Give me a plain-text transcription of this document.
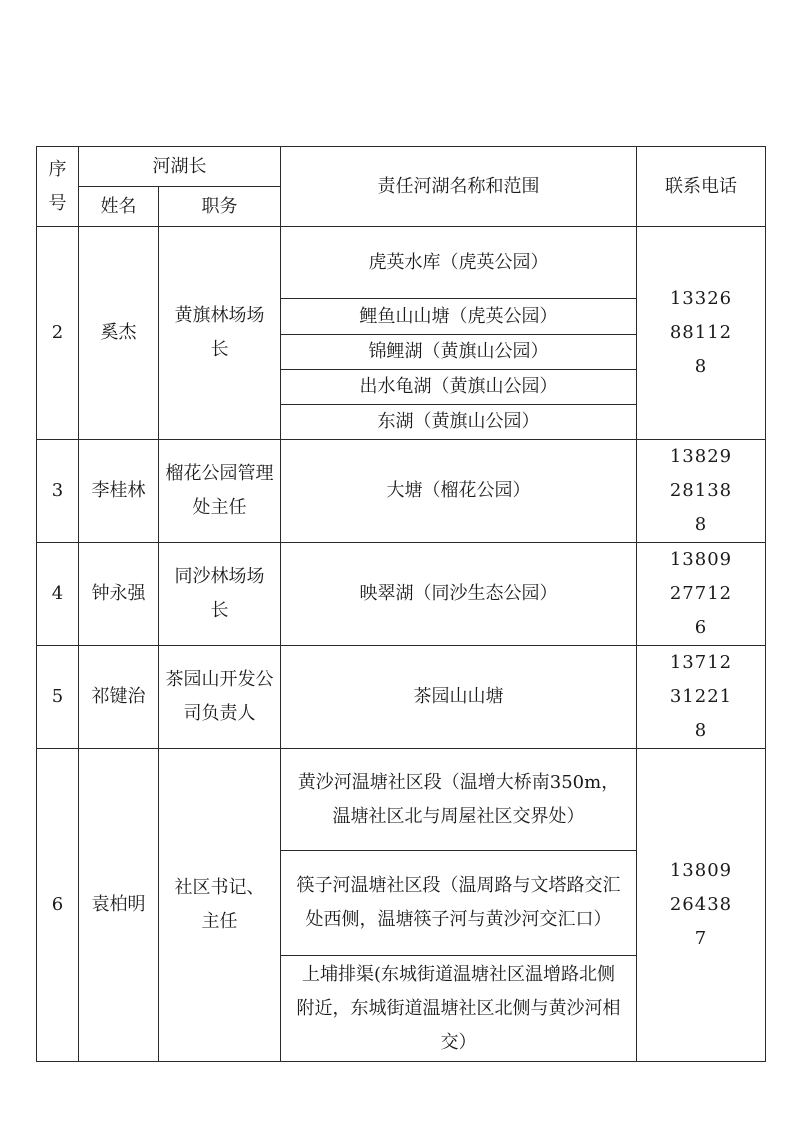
序号	河湖长		责任河湖名称和范围	联系电话
	姓名	职务		
2	奚杰	黄旗林场场长	虎英水库（虎英公园）	13326881128

			鲤鱼山山塘（虎英公园）	
			锦鲤湖（黄旗山公园）	
			出水龟湖（黄旗山公园）	
			东湖（黄旗山公园）	
3	李桂林	榴花公园管理处主任	大塘（榴花公园）	13829281388

4	钟永强	同沙林场场长	映翠湖（同沙生态公园）	13809277126

5	祁键治	茶园山开发公司负责人	茶园山山塘	13712312218

6	袁柏明	社区书记、主任	黄沙河温塘社区段（温增大桥南350m，温塘社区北与周屋社区交界处）	13809264387

			筷子河温塘社区段（温周路与文塔路交汇处西侧，温塘筷子河与黄沙河交汇口）	

			上埔排渠(东城街道温塘社区温增路北侧附近，东城街道温塘社区北侧与黄沙河相交）	
